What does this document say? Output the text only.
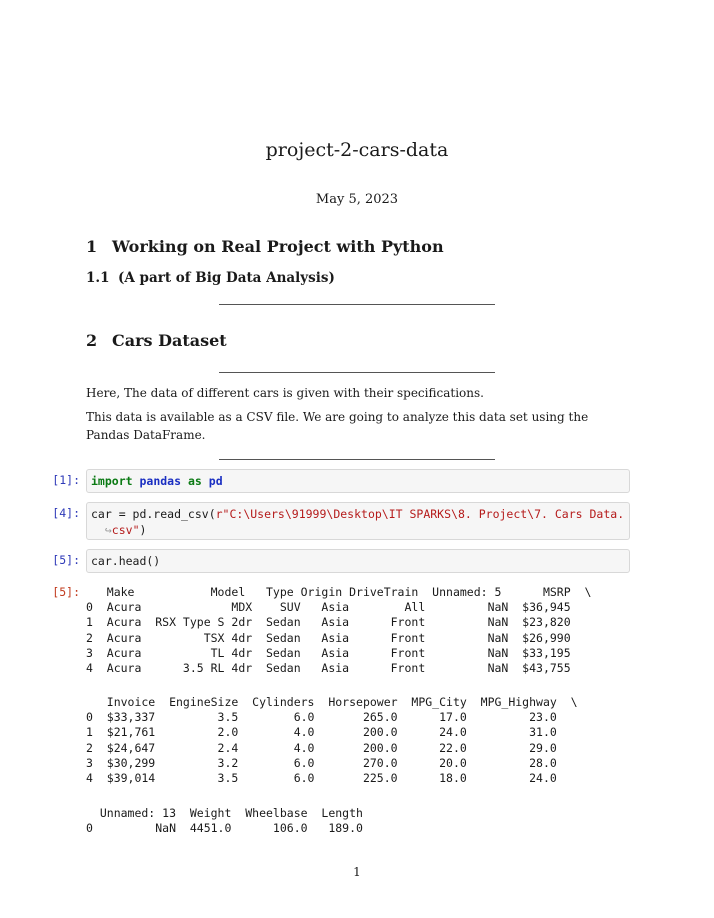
project-2-cars-data
May 5, 2023
1 Working on Real Project with Python
1.1 (A part of Big Data Analysis)
2 Cars Dataset
Here, The data of different cars is given with their specifications.
This data is available as a CSV file. We are going to analyze this data set using the Pandas DataFrame.
[1]: import pandas as pd
[4]: car = pd.read_csv(r"C:\Users\91999\Desktop\IT SPARKS\8. Project\7. Cars Data.
↪csv")
[5]: car.head()
[5]: Make           Model   Type Origin DriveTrain  Unnamed: 5      MSRP  \
0  Acura             MDX    SUV   Asia        All         NaN  $36,945
1  Acura  RSX Type S 2dr  Sedan   Asia      Front         NaN  $23,820
2  Acura         TSX 4dr  Sedan   Asia      Front         NaN  $26,990
3  Acura          TL 4dr  Sedan   Asia      Front         NaN  $33,195
4  Acura      3.5 RL 4dr  Sedan   Asia      Front         NaN  $43,755
Invoice  EngineSize  Cylinders  Horsepower  MPG_City  MPG_Highway  \
0  $33,337         3.5        6.0       265.0      17.0         23.0
1  $21,761         2.0        4.0       200.0      24.0         31.0
2  $24,647         2.4        4.0       200.0      22.0         29.0
3  $30,299         3.2        6.0       270.0      20.0         28.0
4  $39,014         3.5        6.0       225.0      18.0         24.0
Unnamed: 13  Weight  Wheelbase  Length
0         NaN  4451.0      106.0   189.0
1
